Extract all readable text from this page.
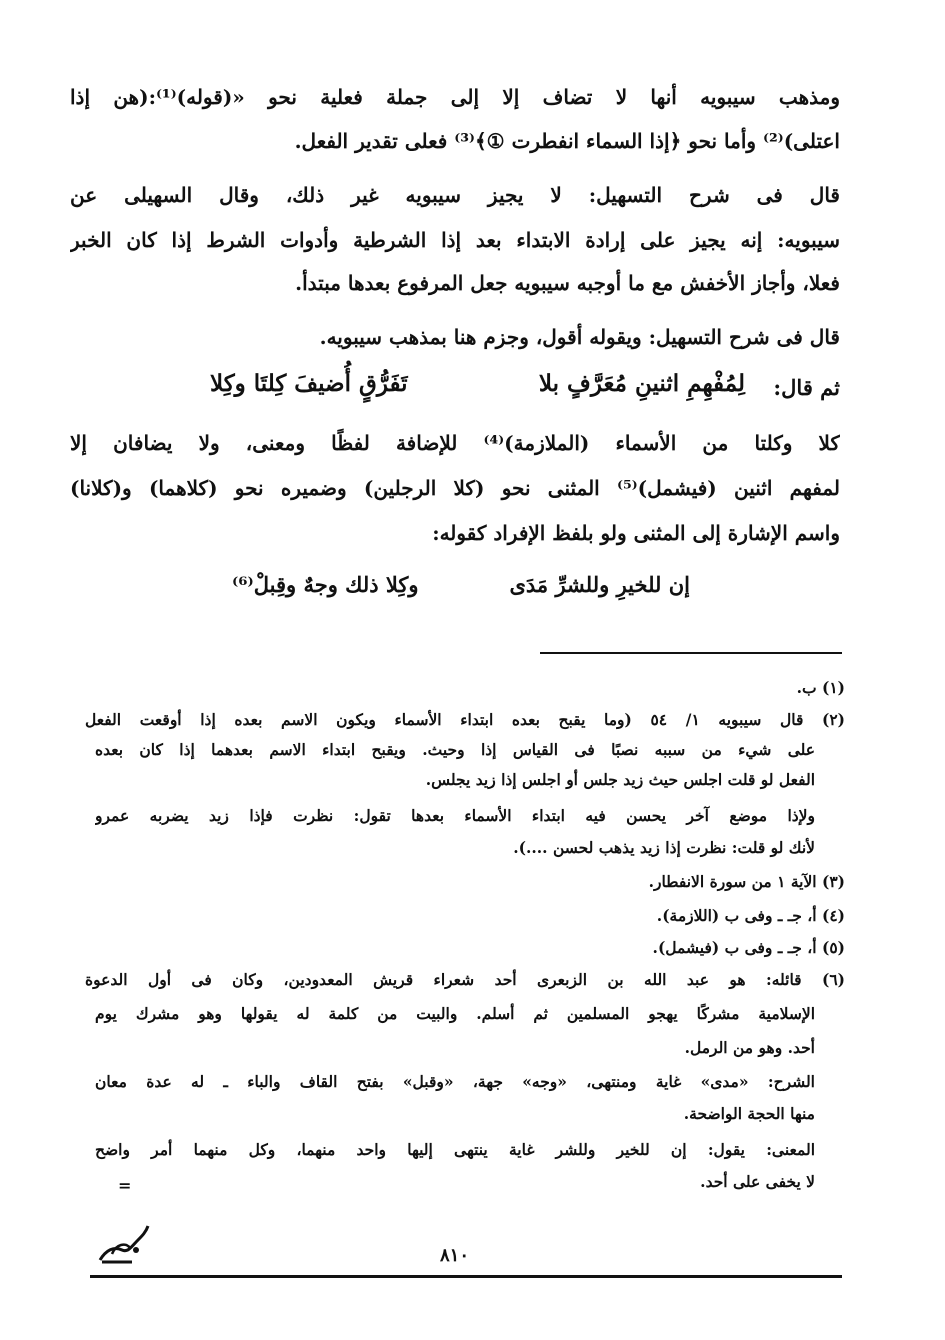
ومذهب سيبويه أنها لا تضاف إلا إلى جملة فعلية نحو «(قوله)⁽¹⁾:(هن إذا
اعتلى)⁽²⁾ وأما نحو ﴿إذا السماء انفطرت ①﴾⁽³⁾ فعلى تقدير الفعل.
قال فى شرح التسهيل: لا يجيز سيبويه غير ذلك، وقال السهيلى عن
سيبويه: إنه يجيز على إرادة الابتداء بعد إذا الشرطية وأدوات الشرط إذا كان الخبر
فعلا، وأجاز الأخفش مع ما أوجبه سيبويه جعل المرفوع بعدها مبتدأ.
قال فى شرح التسهيل: ويقوله أقول، وجزم هنا بمذهب سيبويه.
ثم قال:
لِمُفْهِمِ اثنينِ مُعَرَّفٍ بلا
تَفَرُّقٍ أُضيفَ كِلتَا وكِلا
كلا وكلتا من الأسماء (الملازمة)⁽⁴⁾ للإضافة لفظًا ومعنى، ولا يضافان إلا
لمفهم اثنين (فيشمل)⁽⁵⁾ المثنى نحو (كلا الرجلين) وضميره نحو (كلاهما) و(كلانا)
واسم الإشارة إلى المثنى ولو بلفظ الإفراد كقوله:
إن للخيرِ وللشرِّ مَدَى
وكِلا ذلك وجهٌ وقِبلْ⁽⁶⁾
(١) ب.
(٢) قال سيبويه ١/ ٥٤ (وما يقبح بعده ابتداء الأسماء ويكون الاسم بعده إذا أوقعت الفعل
على شيء من سببه نصبًا فى القياس إذا وحيث. ويقبح ابتداء الاسم بعدهما إذا كان بعده
الفعل لو قلت اجلس حيث زيد جلس أو اجلس إذا زيد يجلس.
ولإذا موضع آخر يحسن فيه ابتداء الأسماء بعدها تقول: نظرت فإذا زيد يضربه عمرو
لأنك لو قلت: نظرت إذا زيد يذهب لحسن ....).
(٣) الآية ١ من سورة الانفطار.
(٤) أ، جـ ـ وفى ب (اللازمة).
(٥) أ، جـ ـ وفى ب (فيشمل).
(٦) قائله: هو عبد الله بن الزبعرى أحد شعراء قريش المعدودين، وكان فى أول الدعوة
الإسلامية مشركًا يهجو المسلمين ثم أسلم. والبيت من كلمة له يقولها وهو مشرك يوم
أحد. وهو من الرمل.
الشرح: «مدى» غاية ومنتهى، «وجه» جهة، «وقبل» بفتح القاف والباء ـ له عدة معان
منها الحجة الواضحة.
المعنى: يقول: إن للخير وللشر غاية ينتهى إليها واحد منهما، وكل منهما أمر واضح
لا يخفى على أحد.
=
٨١٠
